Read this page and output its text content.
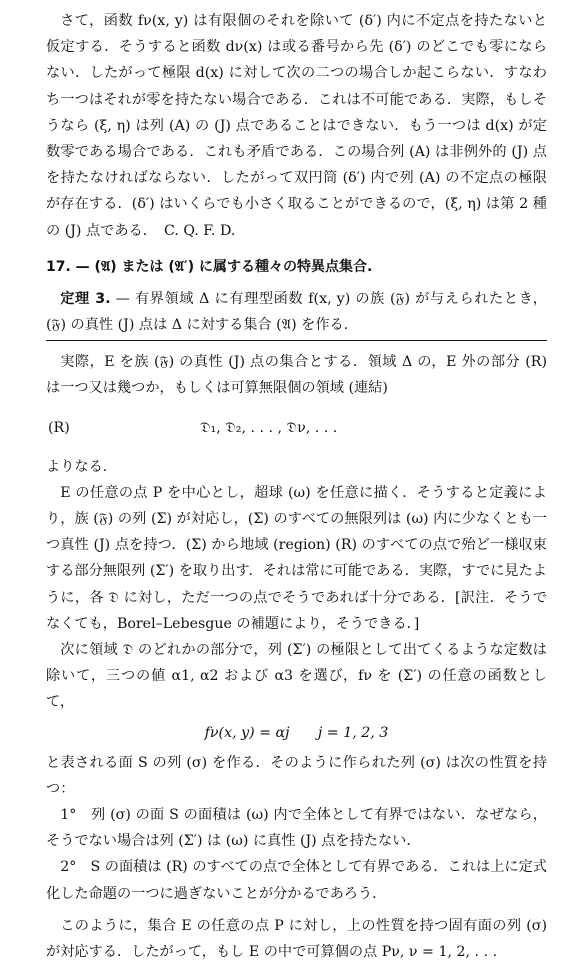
さて，函数 fν(x, y) は有限個のそれを除いて (δ′) 内に不定点を持たないと仮定する．そうすると函数 dν(x) は或る番号から先 (δ′) のどこでも零にならない．したがって極限 d(x) に対して次の二つの場合しか起こらない．すなわち一つはそれが零を持たない場合である．これは不可能である．実際，もしそうなら (ξ, η) は列 (A) の (J) 点であることはできない．もう一つは d(x) が定数零である場合である．これも矛盾である．この場合列 (A) は非例外的 (J) 点を持たなければならない．したがって双円筒 (δ′) 内で列 (A) の不定点の極限が存在する．(δ′) はいくらでも小さく取ることができるので，(ξ, η) は第 2 種の (J) 点である．　C. Q. F. D.

17. — (𝔄) または (𝔄′) に属する種々の特異点集合.

定理 3. — 有界領域 Δ に有理型函数 f(x, y) の族 (𝔉) が与えられたとき，(𝔉) の真性 (J) 点は Δ に対する集合 (𝔄) を作る.

実際，E を族 (𝔉) の真性 (J) 点の集合とする．領域 Δ の，E 外の部分 (R) は一つ又は幾つか，もしくは可算無限個の領域 (連結)

(R)	𝔇₁, 𝔇₂, . . . , 𝔇ν, . . .

よりなる．

E の任意の点 P を中心とし，超球 (ω) を任意に描く．そうすると定義により，族 (𝔉) の列 (Σ) が対応し，(Σ) のすべての無限列は (ω) 内に少なくとも一つ真性 (J) 点を持つ．(Σ) から地域 (region) (R) のすべての点で殆ど一様収束する部分無限列 (Σ′) を取り出す．それは常に可能である．実際，すでに見たように，各 𝔇 に対し，ただ一つの点でそうであれば十分である．[訳注．そうでなくても，Borel–Lebesgue の補題により，そうできる．]

次に領域 𝔇 のどれかの部分で，列 (Σ′) の極限として出てくるような定数は除いて，三つの値 α1, α2 および α3 を選び，fν を (Σ′) の任意の函数として，

fν(x, y) = αj　　j = 1, 2, 3

と表される面 S の列 (σ) を作る．そのように作られた列 (σ) は次の性質を持つ：

1°　列 (σ) の面 S の面積は (ω) 内で全体として有界ではない．なぜなら，そうでない場合は列 (Σ′) は (ω) に真性 (J) 点を持たない．

2°　S の面積は (R) のすべての点で全体として有界である．これは上に定式化した命題の一つに過ぎないことが分かるであろう．

このように，集合 E の任意の点 P に対し，上の性質を持つ固有面の列 (σ) が対応する．したがって，もし E の中で可算個の点 Pν, ν = 1, 2, . . .
